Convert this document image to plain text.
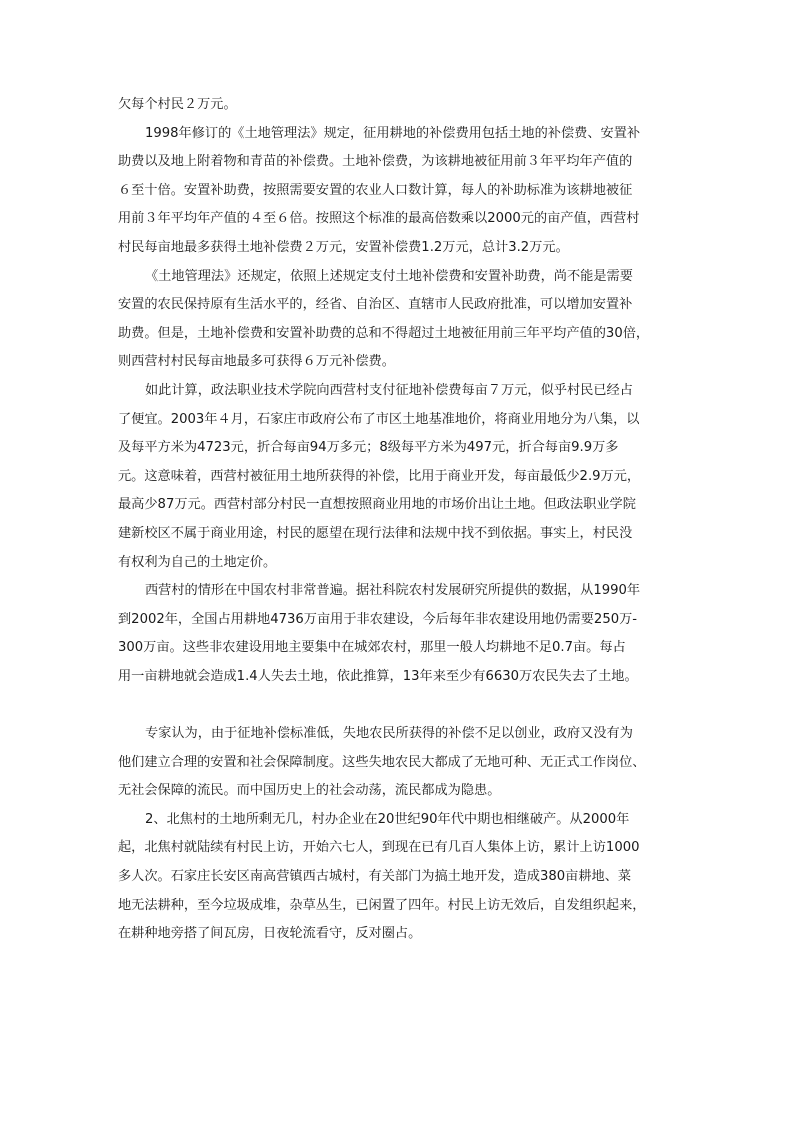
欠每个村民２万元。
1998年修订的《土地管理法》规定，征用耕地的补偿费用包括土地的补偿费、安置补
助费以及地上附着物和青苗的补偿费。土地补偿费，为该耕地被征用前３年平均年产值的
６至十倍。安置补助费，按照需要安置的农业人口数计算，每人的补助标准为该耕地被征
用前３年平均年产值的４至６倍。按照这个标准的最高倍数乘以2000元的亩产值，西营村
村民每亩地最多获得土地补偿费２万元，安置补偿费1.2万元，总计3.2万元。
《土地管理法》还规定，依照上述规定支付土地补偿费和安置补助费，尚不能是需要
安置的农民保持原有生活水平的，经省、自治区、直辖市人民政府批准，可以增加安置补
助费。但是，土地补偿费和安置补助费的总和不得超过土地被征用前三年平均产值的30倍，
则西营村村民每亩地最多可获得６万元补偿费。
如此计算，政法职业技术学院向西营村支付征地补偿费每亩７万元，似乎村民已经占
了便宜。2003年４月，石家庄市政府公布了市区土地基准地价，将商业用地分为八集，以
及每平方米为4723元，折合每亩94万多元；8级每平方米为497元，折合每亩9.9万多
元。这意味着，西营村被征用土地所获得的补偿，比用于商业开发，每亩最低少2.9万元，
最高少87万元。西营村部分村民一直想按照商业用地的市场价出让土地。但政法职业学院
建新校区不属于商业用途，村民的愿望在现行法律和法规中找不到依据。事实上，村民没
有权利为自己的土地定价。
西营村的情形在中国农村非常普遍。据社科院农村发展研究所提供的数据，从1990年
到2002年，全国占用耕地4736万亩用于非农建设，今后每年非农建设用地仍需要250万-
300万亩。这些非农建设用地主要集中在城郊农村，那里一般人均耕地不足0.7亩。每占
用一亩耕地就会造成1.4人失去土地，依此推算，13年来至少有6630万农民失去了土地。
专家认为，由于征地补偿标准低，失地农民所获得的补偿不足以创业，政府又没有为
他们建立合理的安置和社会保障制度。这些失地农民大都成了无地可种、无正式工作岗位、
无社会保障的流民。而中国历史上的社会动荡，流民都成为隐患。
2、北焦村的土地所剩无几，村办企业在20世纪90年代中期也相继破产。从2000年
起，北焦村就陆续有村民上访，开始六七人，到现在已有几百人集体上访，累计上访1000
多人次。石家庄长安区南高营镇西古城村，有关部门为搞土地开发，造成380亩耕地、菜
地无法耕种，至今垃圾成堆，杂草丛生，已闲置了四年。村民上访无效后，自发组织起来，
在耕种地旁搭了间瓦房，日夜轮流看守，反对圈占。
